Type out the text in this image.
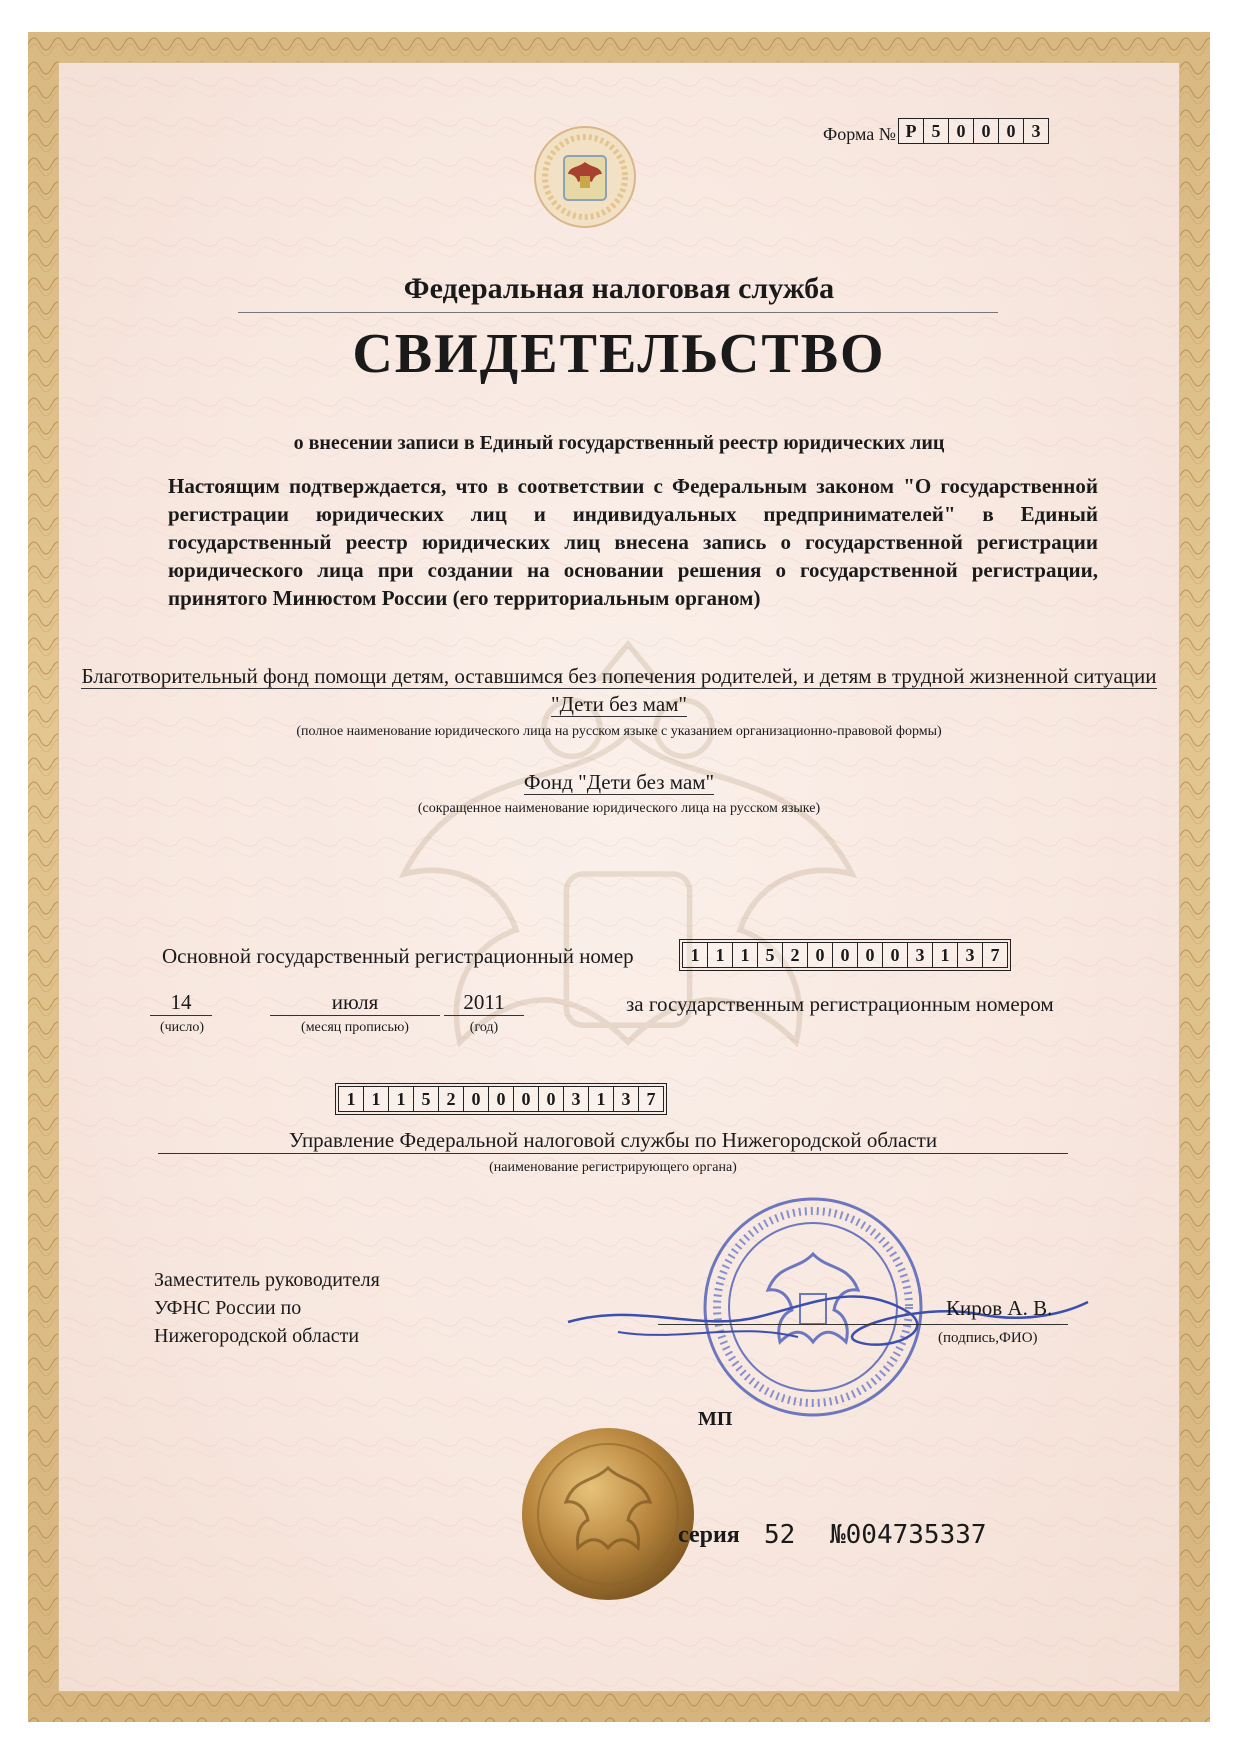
Форма № Р 5 0 0 0 3
Федеральная налоговая служба
СВИДЕТЕЛЬСТВО
о внесении записи в Единый государственный реестр юридических лиц
Настоящим подтверждается, что в соответствии с Федеральным законом "О государственной регистрации юридических лиц и индивидуальных предпринимателей" в Единый государственный реестр юридических лиц внесена запись о государственной регистрации юридического лица при создании на основании решения о государственной регистрации, принятого Минюстом России (его территориальным органом)
Благотворительный фонд помощи детям, оставшимся без попечения родителей, и детям в трудной жизненной ситуации "Дети без мам"
(полное наименование юридического лица на русском языке с указанием организационно-правовой формы)
Фонд "Дети без мам"
(сокращенное наименование юридического лица на русском языке)
Основной государственный регистрационный номер	1 1 1 5 2 0 0 0 0 3 1 3 7
14	июля	2011
(число)	(месяц прописью)	(год)
за государственным регистрационным номером
1 1 1 5 2 0 0 0 0 3 1 3 7
Управление Федеральной налоговой службы по Нижегородской области
(наименование регистрирующего органа)
Заместитель руководителя
УФНС России по
Нижегородской области
Киров А. В.
(подпись,ФИО)
МП
серия 52 №004735337
